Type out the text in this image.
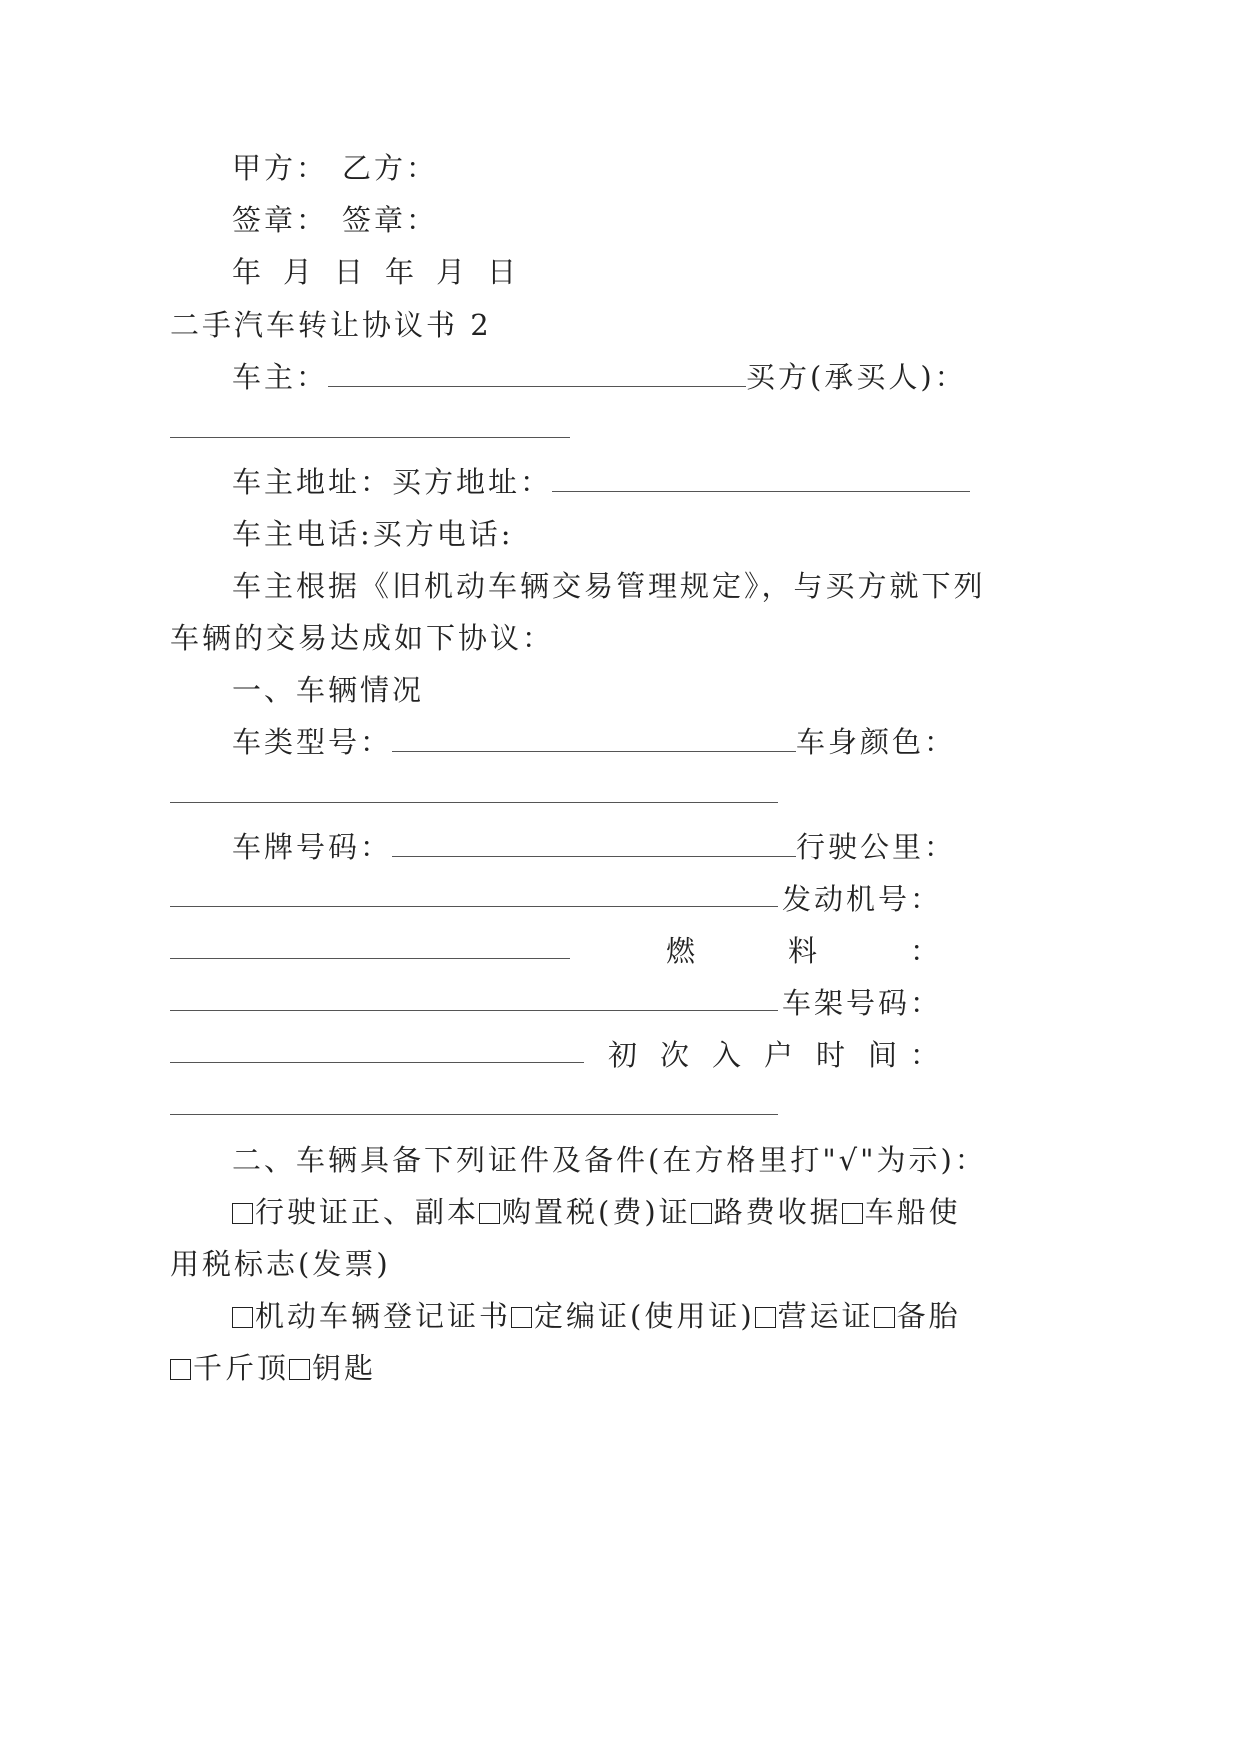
甲方： 乙方：
签章： 签章：
年 月 日 年 月 日
二手汽车转让协议书 2
车主：	买方(承买人)：
车主地址：买方地址：
车主电话:买方电话:
车主根据《旧机动车辆交易管理规定》，与买方就下列
车辆的交易达成如下协议：
一、车辆情况
车类型号：	车身颜色：
车牌号码：	行驶公里：
发动机号：
燃	料	：
车架号码：
初 次 入 户 时 间 ：
二、车辆具备下列证件及备件(在方格里打"√"为示)：
行驶证正、副本 购置税(费)证 路费收据 车船使
用税标志(发票)
机动车辆登记证书 定编证(使用证) 营运证 备胎
千斤顶 钥匙
